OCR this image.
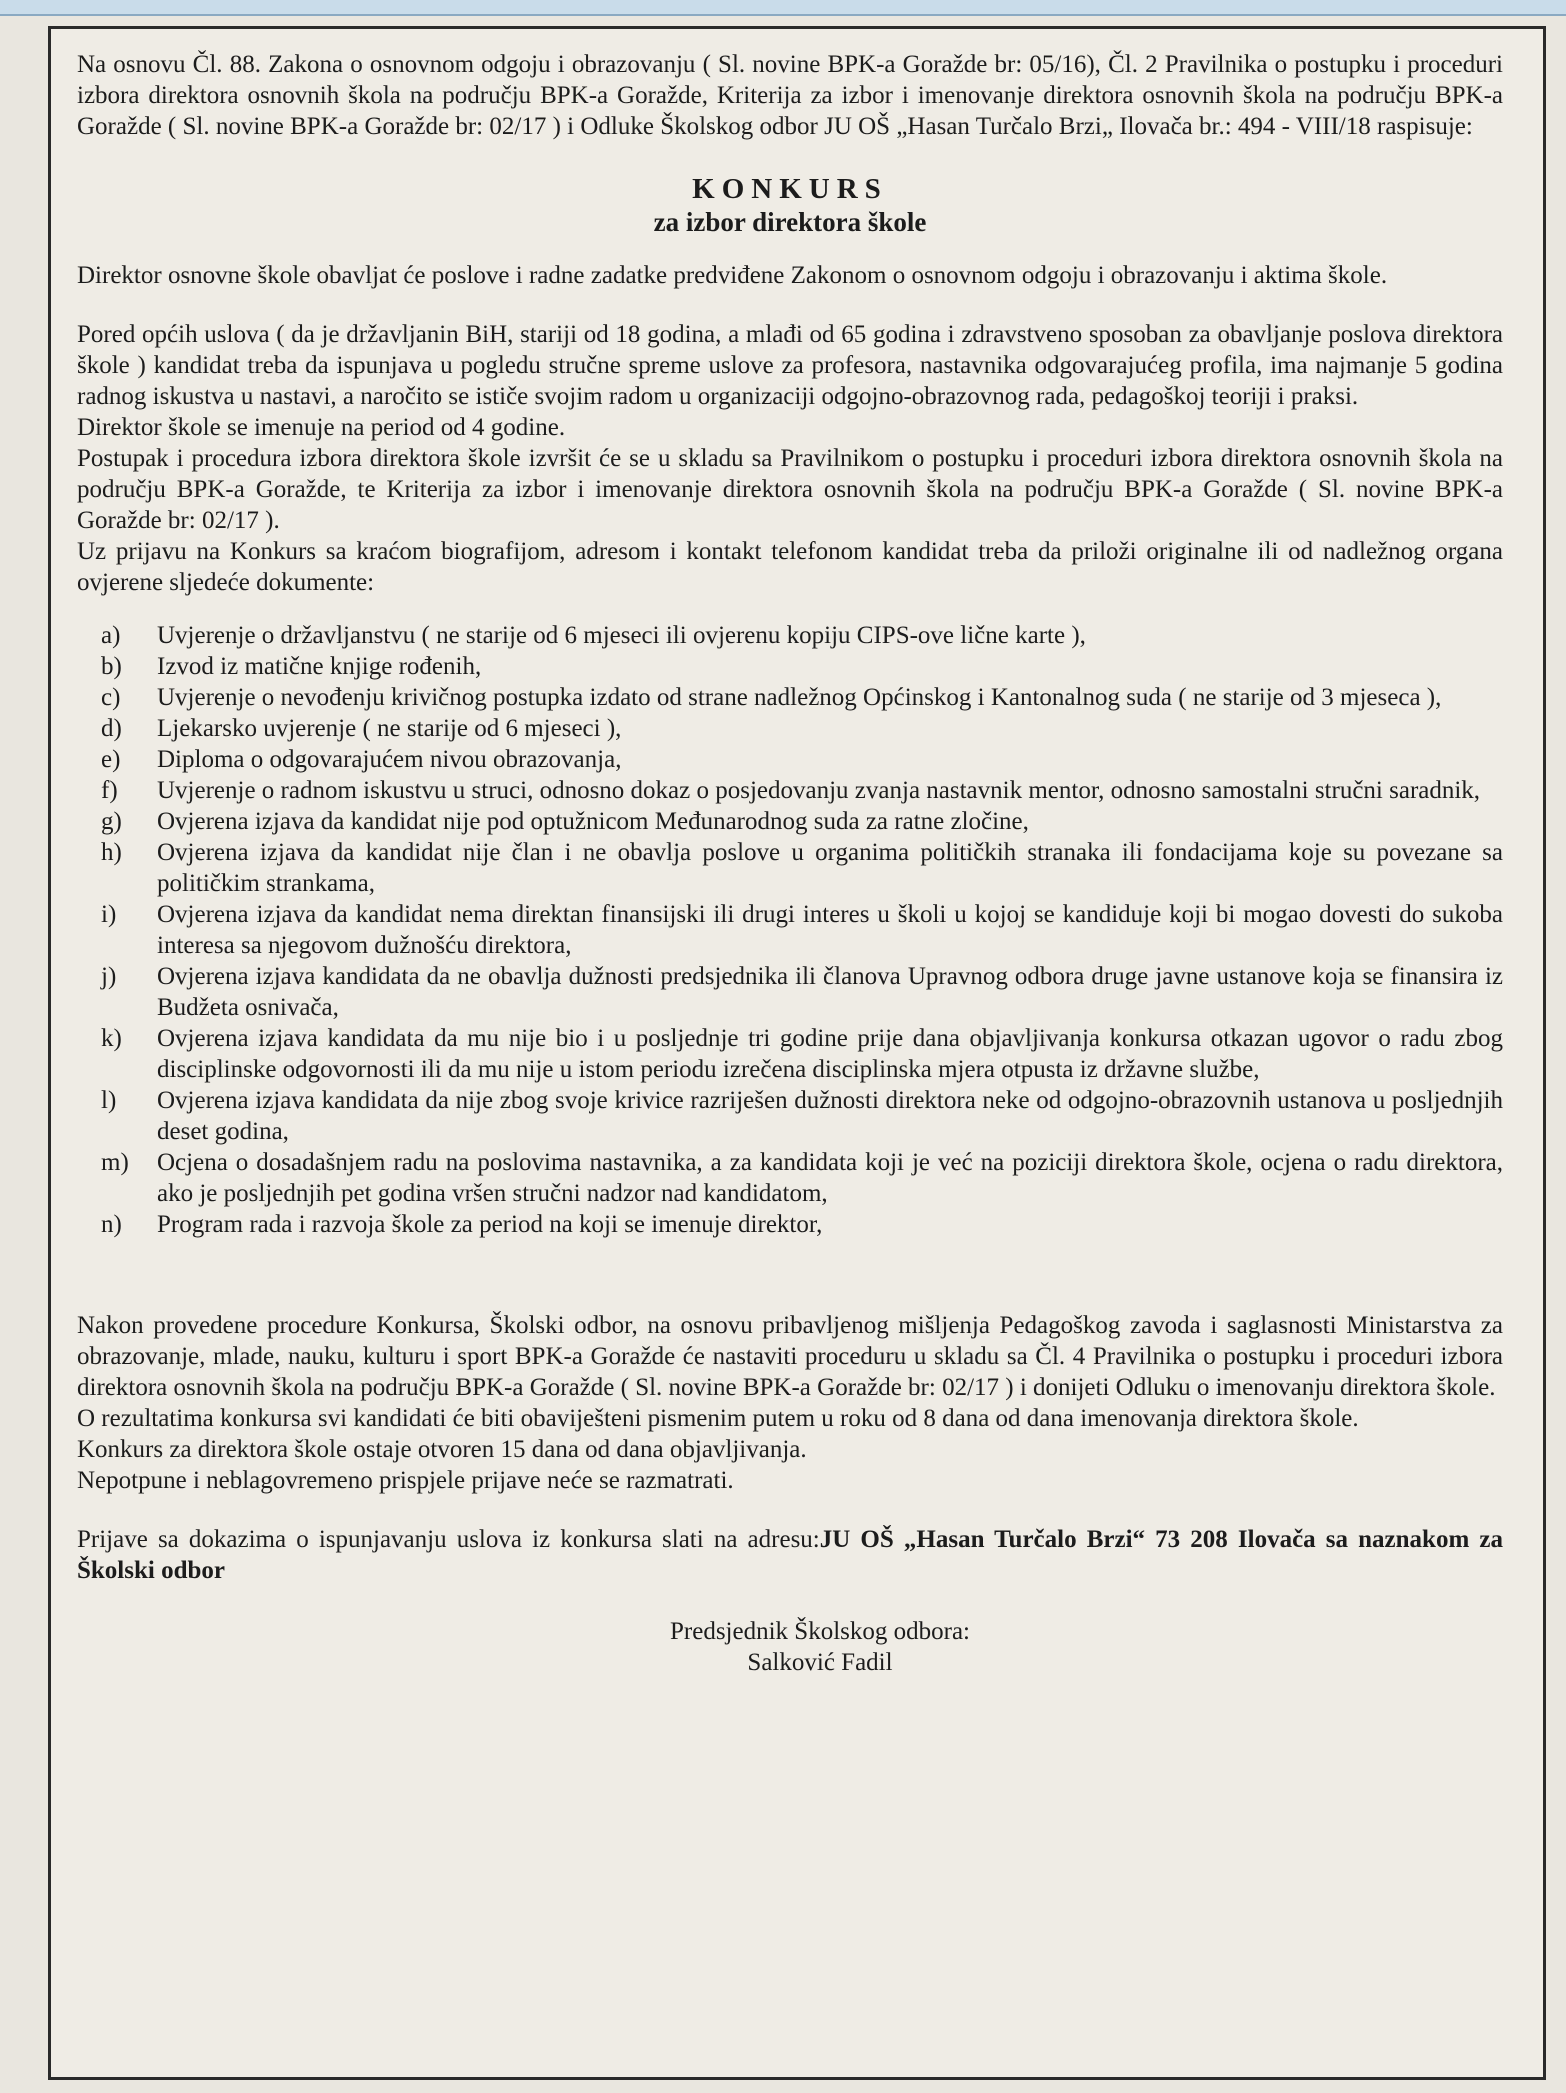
Na osnovu Čl. 88. Zakona o osnovnom odgoju i obrazovanju ( Sl. novine BPK-a Goražde br: 05/16), Čl. 2 Pravilnika o postupku i proceduri izbora direktora osnovnih škola na području BPK-a Goražde, Kriterija za izbor i imenovanje direktora osnovnih škola na području BPK-a Goražde ( Sl. novine BPK-a Goražde br: 02/17 ) i Odluke Školskog odbor JU OŠ „Hasan Turčalo Brzi„ Ilovača br.: 494 - VIII/18 raspisuje:

KONKURS
za izbor direktora škole

Direktor osnovne škole obavljat će poslove i radne zadatke predviđene Zakonom o osnovnom odgoju i obrazovanju i aktima škole.

Pored općih uslova ( da je državljanin BiH, stariji od 18 godina, a mlađi od 65 godina i zdravstveno sposoban za obavljanje poslova direktora škole ) kandidat treba da ispunjava u pogledu stručne spreme uslove za profesora, nastavnika odgovarajućeg profila, ima najmanje 5 godina radnog iskustva u nastavi, a naročito se ističe svojim radom u organizaciji odgojno-obrazovnog rada, pedagoškoj teoriji i praksi.

Direktor škole se imenuje na period od 4 godine.

Postupak i procedura izbora direktora škole izvršit će se u skladu sa Pravilnikom o postupku i proceduri izbora direktora osnovnih škola na području BPK-a Goražde, te Kriterija za izbor i imenovanje direktora osnovnih škola na području BPK-a Goražde ( Sl. novine BPK-a Goražde br: 02/17 ).

Uz prijavu na Konkurs sa kraćom biografijom, adresom i kontakt telefonom kandidat treba da priloži originalne ili od nadležnog organa ovjerene sljedeće dokumente:

a)	Uvjerenje o državljanstvu ( ne starije od 6 mjeseci ili ovjerenu kopiju CIPS-ove lične karte ),
b)	Izvod iz matične knjige rođenih,
c)	Uvjerenje o nevođenju krivičnog postupka izdato od strane nadležnog Općinskog i Kantonalnog suda ( ne starije od 3 mjeseca ),
d)	Ljekarsko uvjerenje ( ne starije od 6 mjeseci ),
e)	Diploma o odgovarajućem nivou obrazovanja,
f)	Uvjerenje o radnom iskustvu u struci, odnosno dokaz o posjedovanju zvanja nastavnik mentor, odnosno samostalni stručni saradnik,
g)	Ovjerena izjava da kandidat nije pod optužnicom Međunarodnog suda za ratne zločine,
h)	Ovjerena izjava da kandidat nije član i ne obavlja poslove u organima političkih stranaka ili fondacijama koje su povezane sa političkim strankama,
i)	Ovjerena izjava da kandidat nema direktan finansijski ili drugi interes u školi u kojoj se kandiduje koji bi mogao dovesti do sukoba interesa sa njegovom dužnošću direktora,
j)	Ovjerena izjava kandidata da ne obavlja dužnosti predsjednika ili članova Upravnog odbora druge javne ustanove koja se finansira iz Budžeta osnivača,
k)	Ovjerena izjava kandidata da mu nije bio i u posljednje tri godine prije dana objavljivanja konkursa otkazan ugovor o radu zbog disciplinske odgovornosti ili da mu nije u istom periodu izrečena disciplinska mjera otpusta iz državne službe,
l)	Ovjerena izjava kandidata da nije zbog svoje krivice razriješen dužnosti direktora neke od odgojno-obrazovnih ustanova u posljednjih deset godina,
m)	Ocjena o dosadašnjem radu na poslovima nastavnika, a za kandidata koji je već na poziciji direktora škole, ocjena o radu direktora, ako je posljednjih pet godina vršen stručni nadzor nad kandidatom,
n)	Program rada i razvoja škole za period na koji se imenuje direktor,

Nakon provedene procedure Konkursa, Školski odbor, na osnovu pribavljenog mišljenja Pedagoškog zavoda i saglasnosti Ministarstva za obrazovanje, mlade, nauku, kulturu i sport BPK-a Goražde će nastaviti proceduru u skladu sa Čl. 4 Pravilnika o postupku i proceduri izbora direktora osnovnih škola na području BPK-a Goražde ( Sl. novine BPK-a Goražde br: 02/17 ) i donijeti Odluku o imenovanju direktora škole.

O rezultatima konkursa svi kandidati će biti obaviješteni pismenim putem u roku od 8 dana od dana imenovanja direktora škole.

Konkurs za direktora škole ostaje otvoren 15 dana od dana objavljivanja.

Nepotpune i neblagovremeno prispjele prijave neće se razmatrati.

Prijave sa dokazima o ispunjavanju uslova iz konkursa slati na adresu:JU OŠ „Hasan Turčalo Brzi“ 73 208 Ilovača sa naznakom za Školski odbor

Predsjednik Školskog odbora:
Salković Fadil
